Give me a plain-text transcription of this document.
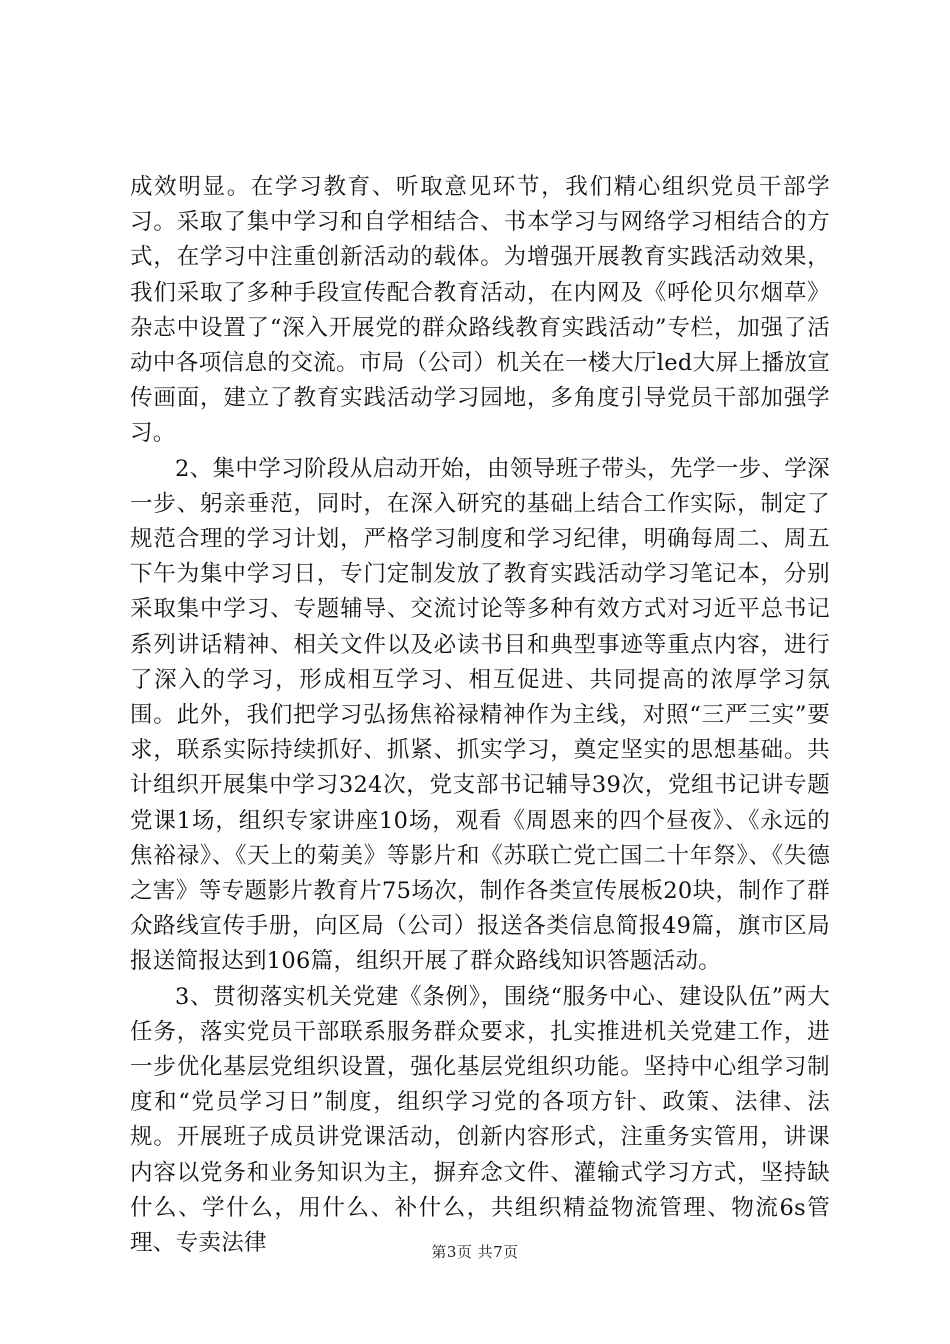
成效明显。在学习教育、听取意见环节，我们精心组织党员干部学习。采取了集中学习和自学相结合、书本学习与网络学习相结合的方式，在学习中注重创新活动的载体。为增强开展教育实践活动效果，我们采取了多种手段宣传配合教育活动，在内网及《呼伦贝尔烟草》杂志中设置了“深入开展党的群众路线教育实践活动”专栏，加强了活动中各项信息的交流。市局（公司）机关在一楼大厅led大屏上播放宣传画面，建立了教育实践活动学习园地，多角度引导党员干部加强学习。

2、集中学习阶段从启动开始，由领导班子带头，先学一步、学深一步、躬亲垂范，同时，在深入研究的基础上结合工作实际，制定了规范合理的学习计划，严格学习制度和学习纪律，明确每周二、周五下午为集中学习日，专门定制发放了教育实践活动学习笔记本，分别采取集中学习、专题辅导、交流讨论等多种有效方式对习近平总书记系列讲话精神、相关文件以及必读书目和典型事迹等重点内容，进行了深入的学习，形成相互学习、相互促进、共同提高的浓厚学习氛围。此外，我们把学习弘扬焦裕禄精神作为主线，对照“三严三实”要求，联系实际持续抓好、抓紧、抓实学习，奠定坚实的思想基础。共计组织开展集中学习324次，党支部书记辅导39次，党组书记讲专题党课1场，组织专家讲座10场，观看《周恩来的四个昼夜》、《永远的焦裕禄》、《天上的菊美》等影片和《苏联亡党亡国二十年祭》、《失德之害》等专题影片教育片75场次，制作各类宣传展板20块，制作了群众路线宣传手册，向区局（公司）报送各类信息简报49篇，旗市区局报送简报达到106篇，组织开展了群众路线知识答题活动。

3、贯彻落实机关党建《条例》，围绕“服务中心、建设队伍”两大任务，落实党员干部联系服务群众要求，扎实推进机关党建工作，进一步优化基层党组织设置，强化基层党组织功能。坚持中心组学习制度和“党员学习日”制度，组织学习党的各项方针、政策、法律、法规。开展班子成员讲党课活动，创新内容形式，注重务实管用，讲课内容以党务和业务知识为主，摒弃念文件、灌输式学习方式，坚持缺什么、学什么，用什么、补什么，共组织精益物流管理、物流6s管理、专卖法律	第3页 共7页
